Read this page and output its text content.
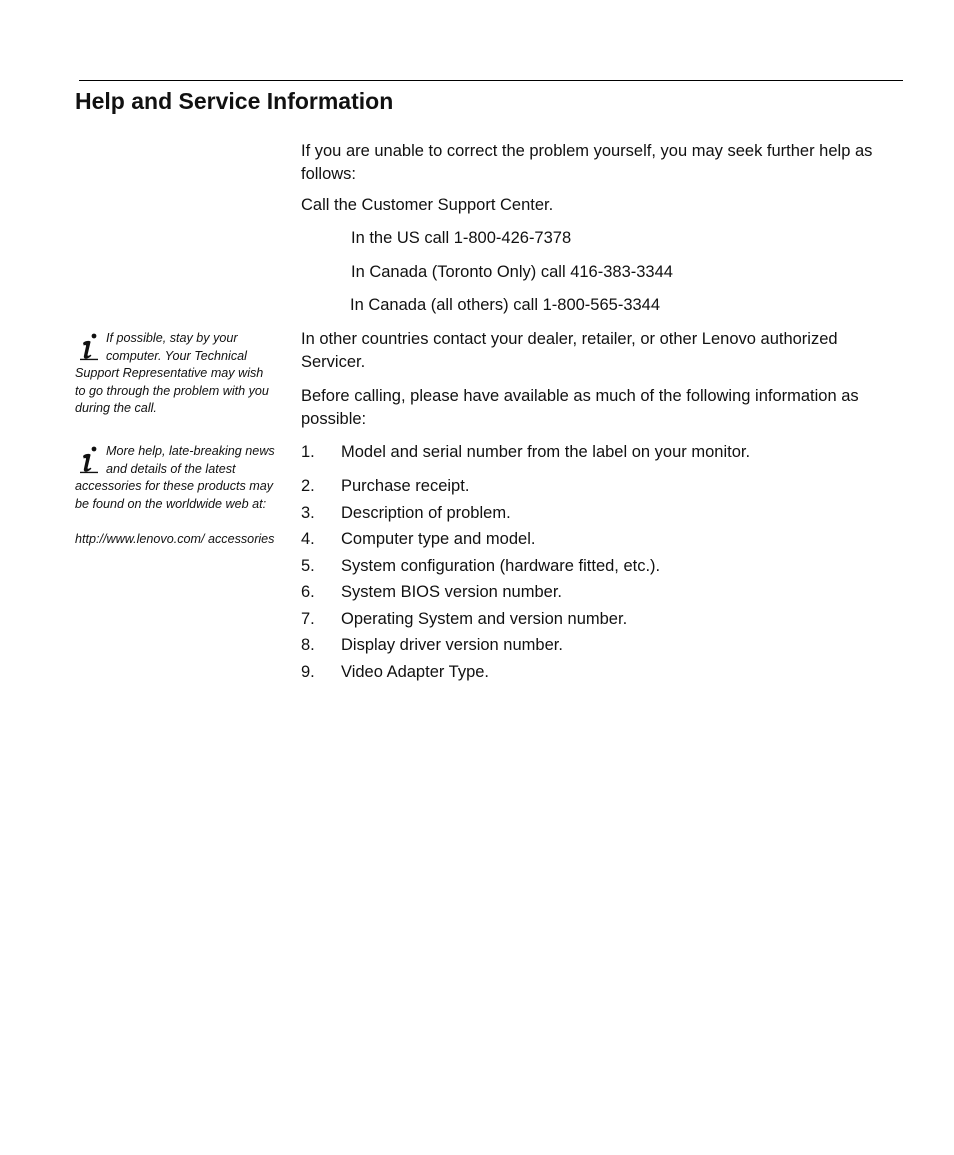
Help and Service Information

If you are unable to correct the problem yourself, you may seek further help as follows:

Call the Customer Support Center.

In the US call 1-800-426-7378

In Canada (Toronto Only) call 416-383-3344

In Canada (all others) call 1-800-565-3344

In other countries contact your dealer, retailer, or other Lenovo authorized Servicer.

Before calling, please have available as much of the following information as possible:

1. Model and serial number from the label on your monitor.
2. Purchase receipt.
3. Description of problem.
4. Computer type and model.
5. System configuration (hardware fitted, etc.).
6. System BIOS version number.
7. Operating System and version number.
8. Display driver version number.
9. Video Adapter Type.
If possible, stay by your computer. Your Technical Support Representative may wish to go through the problem with you during the call.
More help, late-breaking news and details of the latest accessories for these products may be found on the worldwide web at:
http://www.lenovo.com/ accessories
